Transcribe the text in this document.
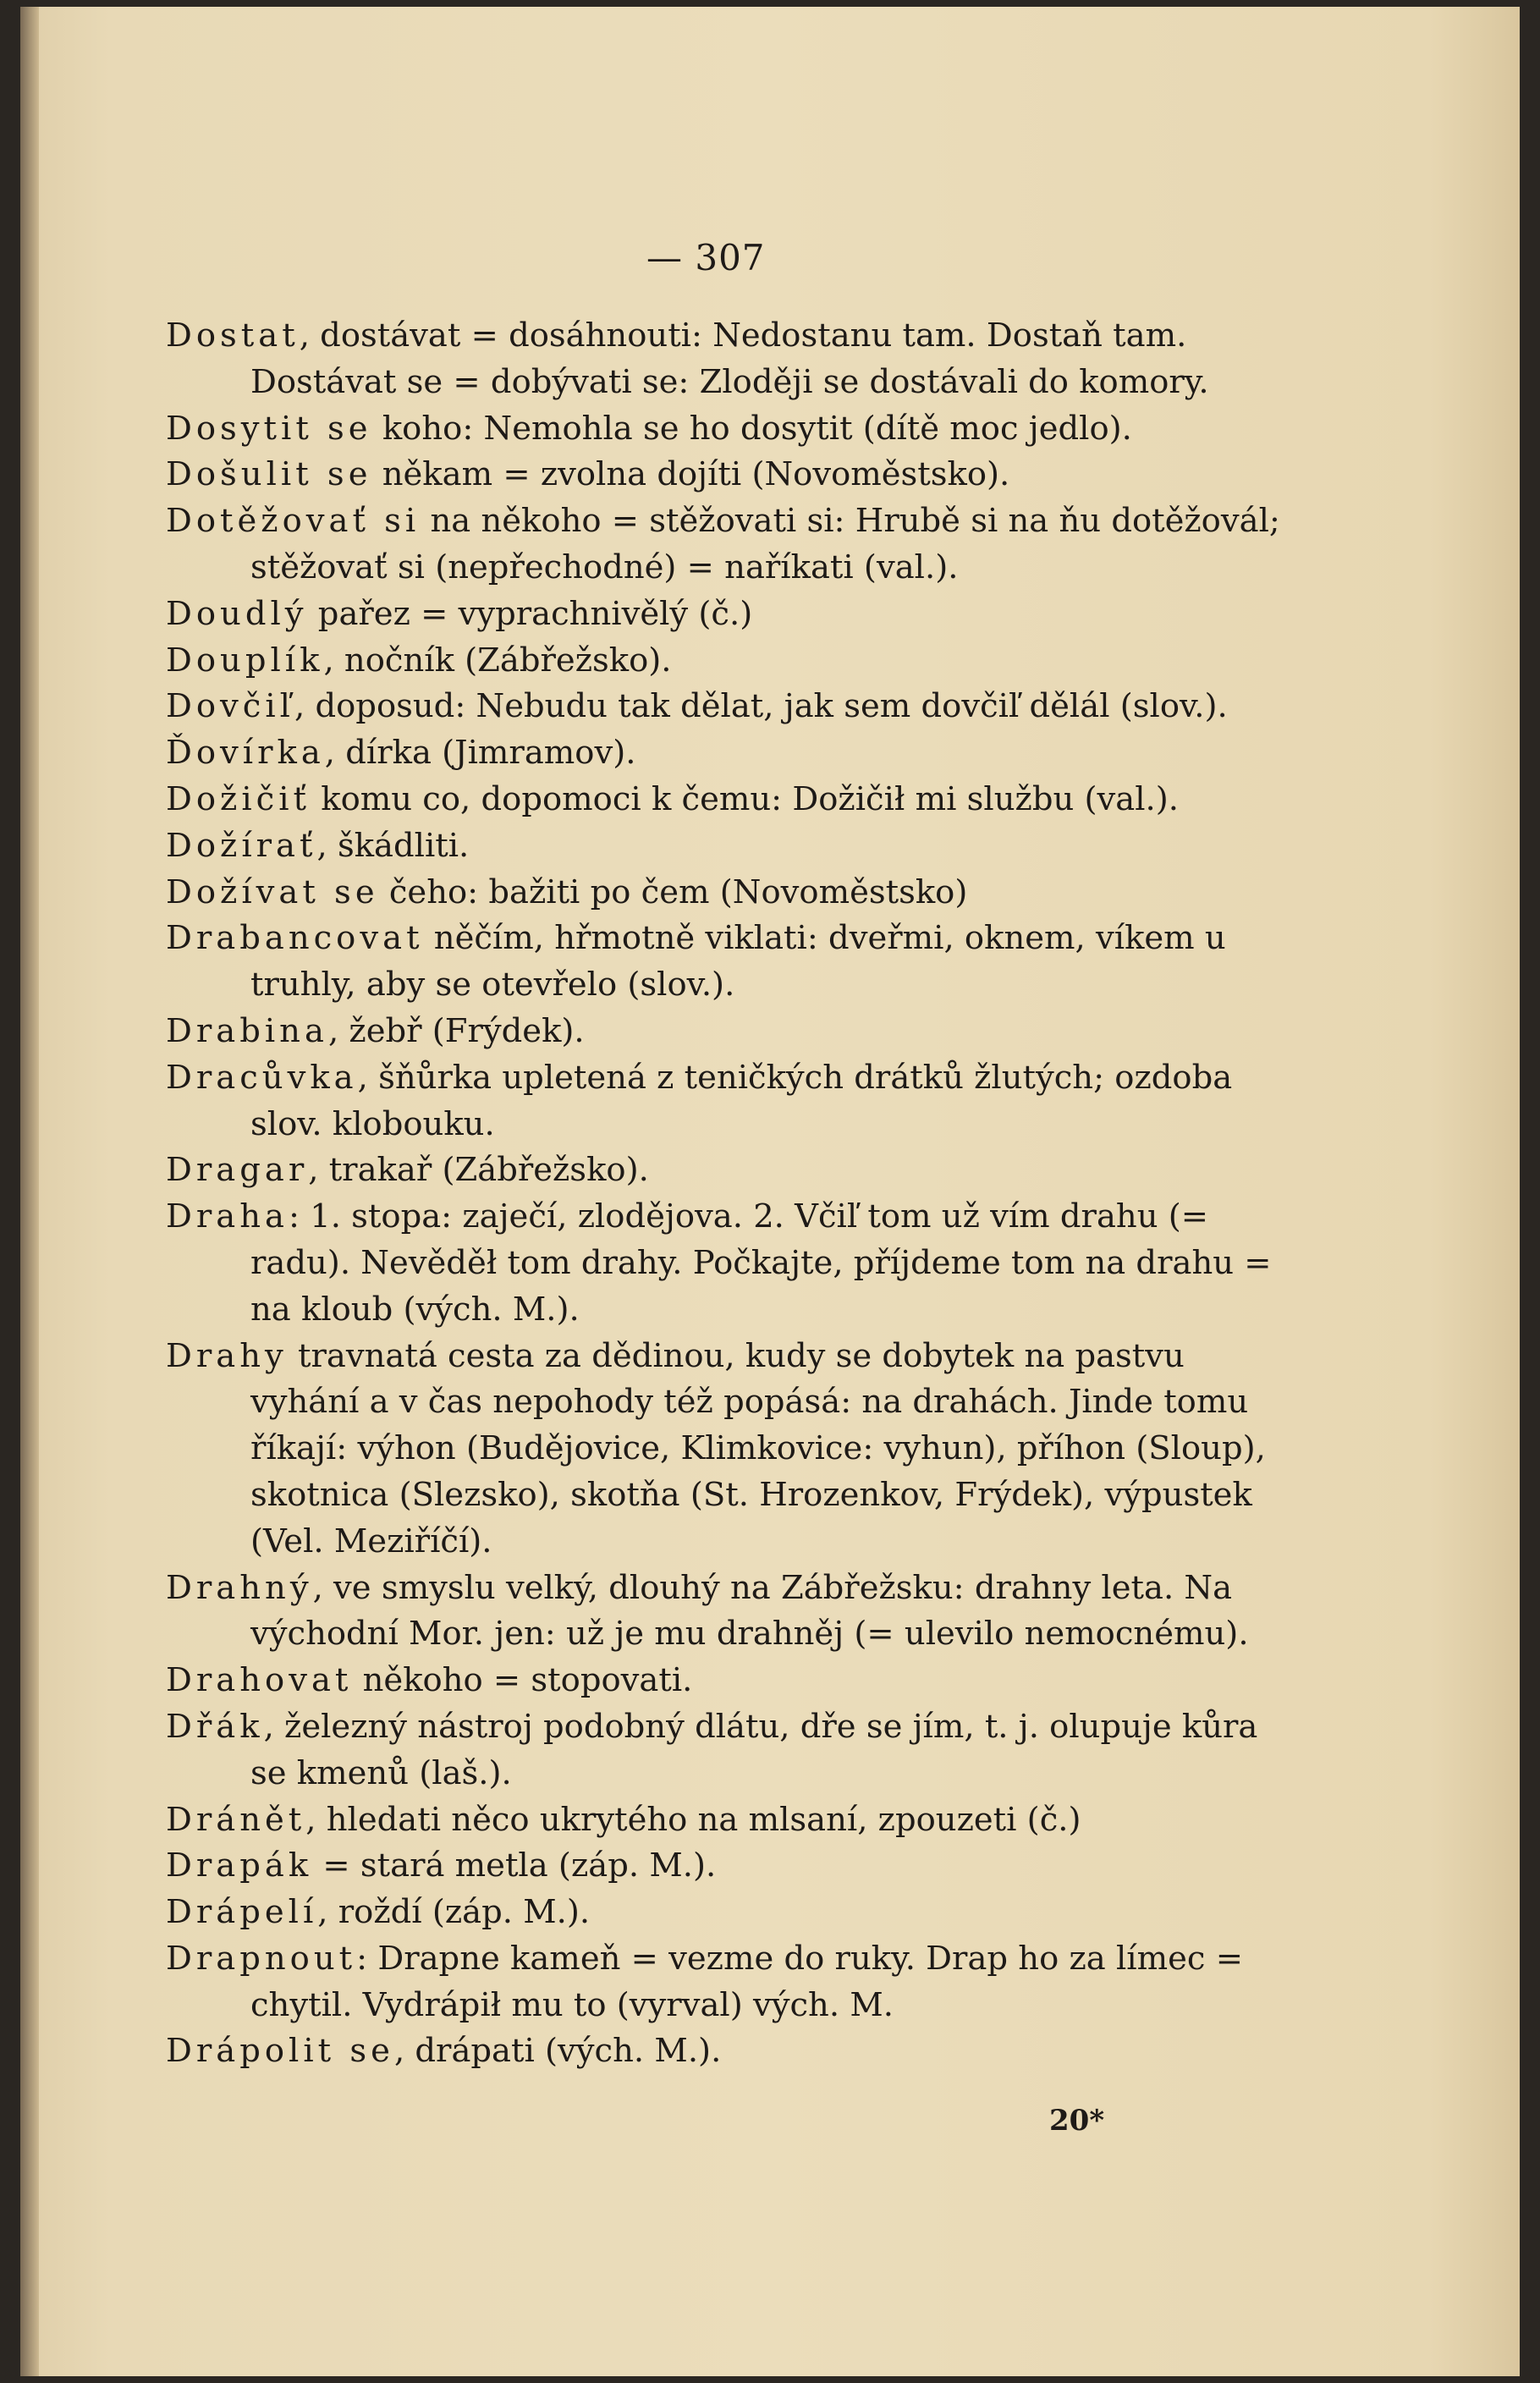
— 307
Dostat, dostávat = dosáhnouti: Nedostanu tam. Dostaň tam. Dostávat se = dobývati se: Zloději se dostávali do komory.
Dosytit se koho: Nemohla se ho dosytit (dítě moc jedlo).
Došulit se někam = zvolna dojíti (Novoměstsko).
Dotěžovať si na někoho = stěžovati si: Hrubě si na ňu dotěžovál; stěžovať si (nepřechodné) = naříkati (val.).
Doudlý pařez = vyprachnivělý (č.)
Douplík, nočník (Zábřežsko).
Dovčiľ, doposud: Nebudu tak dělat, jak sem dovčiľ dělál (slov.).
Ďovírka, dírka (Jimramov).
Dožičiť komu co, dopomoci k čemu: Dožičił mi službu (val.).
Dožírať, škádliti.
Dožívat se čeho: bažiti po čem (Novoměstsko)
Drabancovat něčím, hřmotně viklati: dveřmi, oknem, víkem u truhly, aby se otevřelo (slov.).
Drabina, žebř (Frýdek).
Dracůvka, šňůrka upletená z teničkých drátků žlutých; ozdoba slov. klobouku.
Dragar, trakař (Zábřežsko).
Draha: 1. stopa: zaječí, zlodějova. 2. Včiľ tom už vím drahu (= radu). Nevěděł tom drahy. Počkajte, příjdeme tom na drahu = na kloub (vých. M.).
Drahy travnatá cesta za dědinou, kudy se dobytek na pastvu vyhání a v čas nepohody též popásá: na drahách. Jinde tomu říkají: výhon (Budějovice, Klimkovice: vyhun), příhon (Sloup), skotnica (Slezsko), skotňa (St. Hrozenkov, Frýdek), výpustek (Vel. Meziříčí).
Drahný, ve smyslu velký, dlouhý na Zábřežsku: drahny leta. Na východní Mor. jen: už je mu drahněj (= ulevilo nemocnému).
Drahovat někoho = stopovati.
Dřák, železný nástroj podobný dlátu, dře se jím, t. j. olupuje kůra se kmenů (laš.).
Dránět, hledati něco ukrytého na mlsaní, zpouzeti (č.)
Drapák = stará metla (záp. M.).
Drápelí, roždí (záp. M.).
Drapnout: Drapne kameň = vezme do ruky. Drap ho za límec = chytil. Vydrápił mu to (vyrval) vých. M.
Drápolit se, drápati (vých. M.).
20*
